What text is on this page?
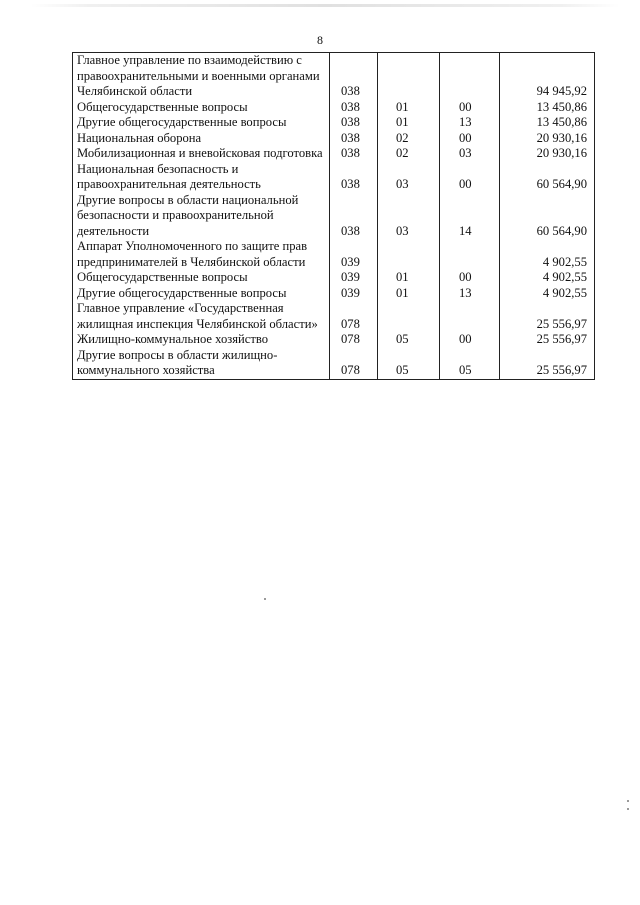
8
Главное управление по взаимодействию с правоохранительными и военными органами Челябинской области	038			94 945,92
Общегосударственные вопросы	038	01	00	13 450,86
Другие общегосударственные вопросы	038	01	13	13 450,86
Национальная оборона	038	02	00	20 930,16
Мобилизационная и вневойсковая подготовка	038	02	03	20 930,16
Национальная безопасность и правоохранительная деятельность	038	03	00	60 564,90
Другие вопросы в области национальной безопасности и правоохранительной деятельности	038	03	14	60 564,90
Аппарат Уполномоченного по защите прав предпринимателей в Челябинской области	039			4 902,55
Общегосударственные вопросы	039	01	00	4 902,55
Другие общегосударственные вопросы	039	01	13	4 902,55
Главное управление «Государственная жилищная инспекция Челябинской области»	078			25 556,97
Жилищно-коммунальное хозяйство	078	05	00	25 556,97
Другие вопросы в области жилищно-коммунального хозяйства	078	05	05	25 556,97
